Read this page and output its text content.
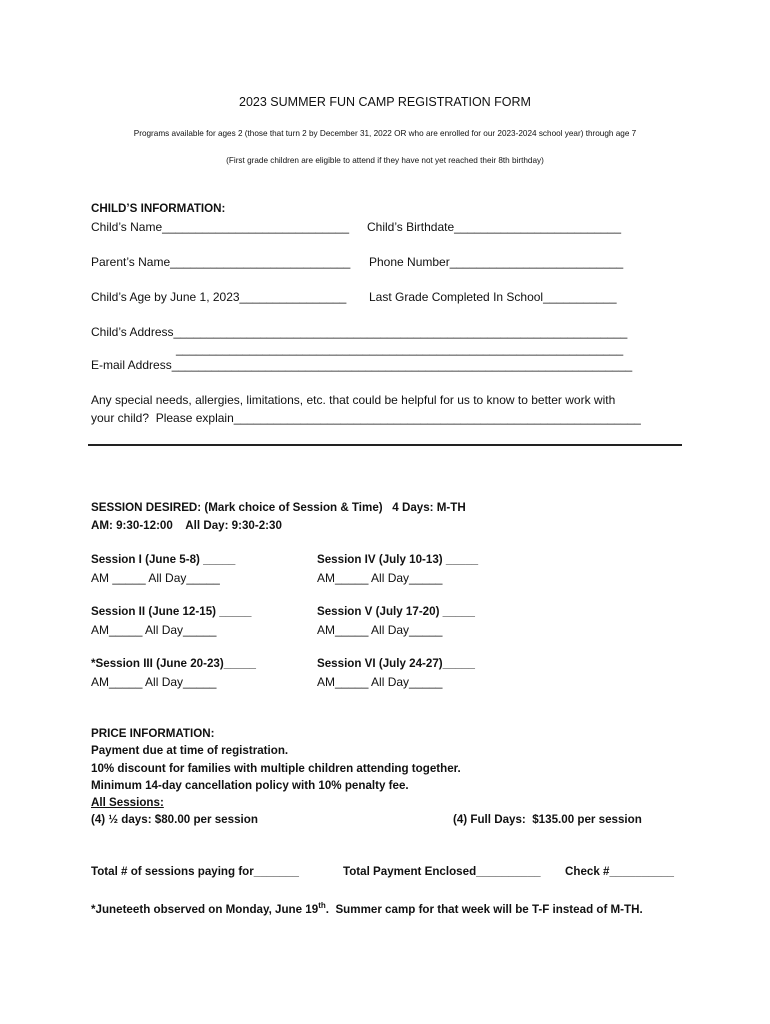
2023 SUMMER FUN CAMP REGISTRATION FORM
Programs available for ages 2 (those that turn 2 by December 31, 2022 OR who are enrolled for our 2023-2024 school year) through age 7
(First grade children are eligible to attend if they have not yet reached their 8th birthday)
CHILD’S INFORMATION:
Child’s Name____________________________ Child’s Birthdate_________________________
Parent’s Name___________________________ Phone Number__________________________
Child’s Age by June 1, 2023________________ Last Grade Completed In School___________
Child’s Address____________________________________________________________________
___________________________________________________________________
E-mail Address_____________________________________________________________________
Any special needs, allergies, limitations, etc. that could be helpful for us to know to better work with
your child?  Please explain_____________________________________________________________
SESSION DESIRED: (Mark choice of Session & Time)   4 Days: M-TH
AM: 9:30-12:00    All Day: 9:30-2:30
Session I (June 5-8) _____
AM _____ All Day_____
Session IV (July 10-13) _____
AM_____ All Day_____
Session II (June 12-15) _____
AM_____ All Day_____
Session V (July 17-20) _____
AM_____ All Day_____
*Session III (June 20-23)_____
AM_____ All Day_____
Session VI (July 24-27)_____
AM_____ All Day_____
PRICE INFORMATION:
Payment due at time of registration.
10% discount for families with multiple children attending together.
Minimum 14-day cancellation policy with 10% penalty fee.
All Sessions:
(4) ½ days: $80.00 per session	(4) Full Days:  $135.00 per session
Total # of sessions paying for_______	Total Payment Enclosed__________ Check #__________
*Juneteeth observed on Monday, June 19th.  Summer camp for that week will be T-F instead of M-TH.
